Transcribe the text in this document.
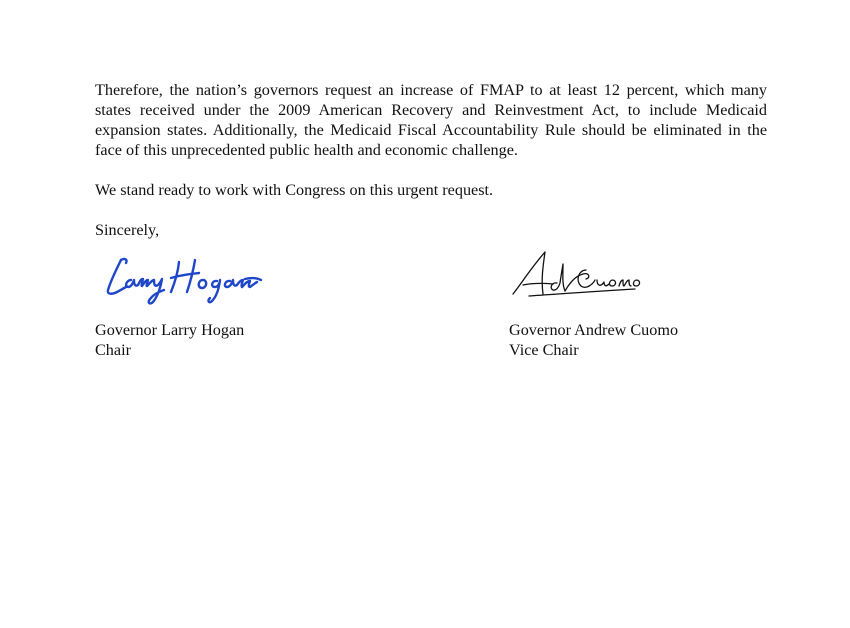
Therefore, the nation’s governors request an increase of FMAP to at least 12 percent, which many states received under the 2009 American Recovery and Reinvestment Act, to include Medicaid expansion states. Additionally, the Medicaid Fiscal Accountability Rule should be eliminated in the face of this unprecedented public health and economic challenge.

We stand ready to work with Congress on this urgent request.

Sincerely,

Governor Larry Hogan
Chair
Governor Andrew Cuomo
Vice Chair
